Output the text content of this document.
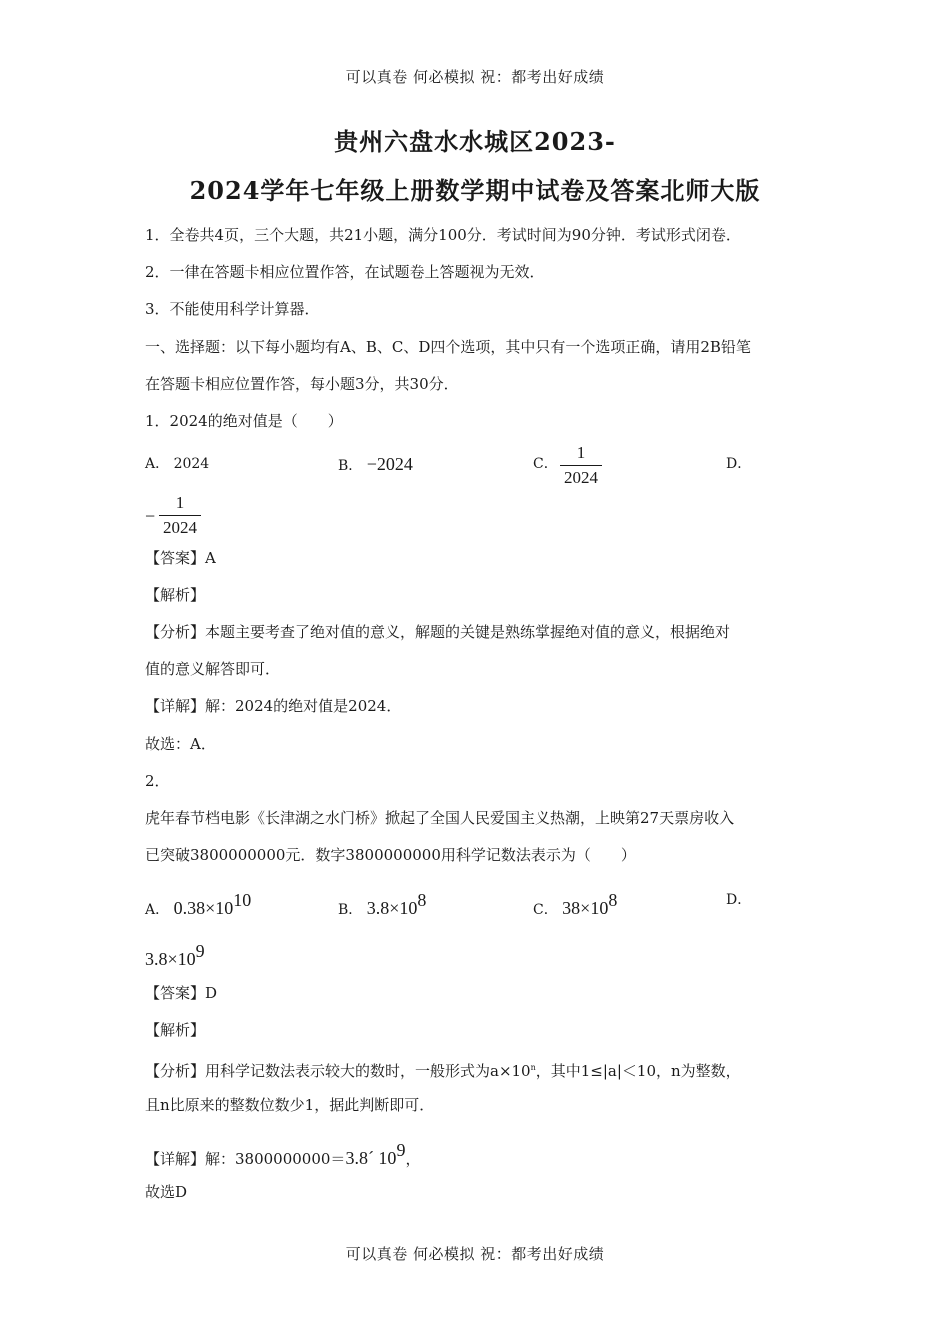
可以真卷 何必模拟 祝：都考出好成绩
贵州六盘水水城区2023-
2024学年七年级上册数学期中试卷及答案北师大版
1．全卷共4页，三个大题，共21小题，满分100分．考试时间为90分钟．考试形式闭卷．
2．一律在答题卡相应位置作答，在试题卷上答题视为无效．
3．不能使用科学计算器．
一、选择题：以下每小题均有A、B、C、D四个选项，其中只有一个选项正确，请用2B铅笔
在答题卡相应位置作答，每小题3分，共30分．
1．2024的绝对值是（　　）
A． 2024	B． −2024	C．
1
2024
D．
−
1
2024
【答案】A
【解析】
【分析】本题主要考查了绝对值的意义，解题的关键是熟练掌握绝对值的意义，根据绝对
值的意义解答即可．
【详解】解：2024的绝对值是2024．
故选：A．
2．
虎年春节档电影《长津湖之水门桥》掀起了全国人民爱国主义热潮，上映第27天票房收入
已突破3800000000元．数字3800000000用科学记数法表示为（　　）
A． $0.38\times 10^{10}$	B． $3.8\times 10^8$	C． $38\times 10^8$	D．
$3.8\times 10^9$
【答案】D
【解析】
【分析】用科学记数法表示较大的数时，一般形式为$a\times 10^n$，其中1≤|a|＜10，n为整数，
且n比原来的整数位数少1，据此判断即可．
【详解】解：3800000000＝3.8´ $10^9$，
故选D
可以真卷 何必模拟 祝：都考出好成绩
